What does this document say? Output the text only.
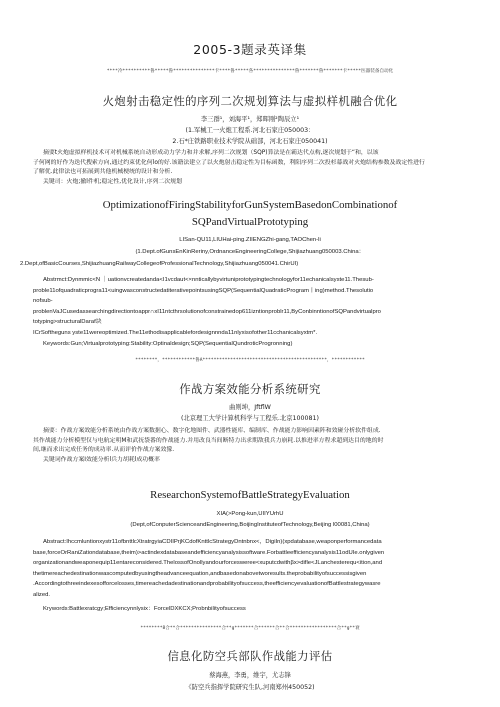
2005-3题录英译集
****冷**********鲁*****鲁***************卡****鲁*****各***************鲁*******鲁*******卡*****医器装备自动化
火炮射击稳定性的序列二次规划算法与虚拟样机融合优化
李三群¹，刘海平¹，郑晖刚²陶辰立¹
(1.军械工一火炮工程系.河北石家庄050003：
2.石*庄铁路职业技术学院从础部，河北石家庄050041)
摘要t火炮虚拟样机技术可对机械系统自动形成动力学力和并求解,序列二次规划（SQP)算法是在霸达代点构,逐次规划于“和，以该
子何网的好作为迭代搜索方向,通过约束优化何lo的好.该籍法建立了以火炮射击稳定性为目标函数，利阳序列二次投杉幕战对火炮结构参数及战定性进行
了解优.此律法也可拓展到共他机械梗统的设计和分析.
关键司：火炮;撤l件机;稳定性,优化设计,序列二次规划
OptimizationofFiringStabilityforGunSystemBasedonCombinationof
SQPandVirtualPrototyping
LISan-QU11,LIUHai-ping.ZIIENGZhi-gang,TAOChen-li
(1.Dept.ofGunsEnKinReriny,OrdnanceEngineeringCollege,Shijiazhuang050003.China：
2.Dept,ofBasicCourses,ShijiazhuangRailwayCollegeofProfessionalTechnology,Shijiazhuang050041.ChirUI)
Abstrmct:Dynmmic<N ｜uationvcreatedanda<I1vcdaut<×nnticallybyvirtuniprototypingtechnologyfor11echanicalsyste11.Thesub-
proble11ofquadraticprogra11<uingwasconstructedatiterativepointsusingSQP(SequentialQuadraticProgram丨ing)method.Thesolutio
nofsub-
problenVaJCusedassearchingdirectiontoappr∩xI11ntcthrsolutionofconstrainedop611izntionproblr11,ByConbinntionofSQPandvirtualpro
totyping>structuralDaraf块
ICrSoftheguns yste11wereoptimized.The11ethodisapplicablefordesignnnda11nlyxisofother11cchanicalsyxtm*.
Keywords:Gun;Virtualprototyping:Stability:Optinaldesign;SQP(SequentialQundroticProgronning)
********，************鲁A*********************************************，************
作战方案效能分析系统研究
曲则坤，JftflW
(北京理工大学计算机科学与工程乐.北京100081)
摘要：作战方案效能分析系统由作战方案数据心、数字化地图件、武器性能库、编制库、作战能力影响因素阵和效碰分析软件组成.
其作战能力分析模型仅与电航定明M和武抚袋番的作战能力.并用改良当间断特力出求期敌我兵力崩耗.以推进率方程求超到达目的地的时
间,继而求出完成任务的成功率.从而评价作战方案效獴.
关键词作战方案I效能分析l兵力胡耗l成功概率
ResearchonSystemofBattleStrategyEvaluation
XIA(>Pong-kun,UIIYUrhU
(Dept,ofConputerScienceandEngineering,BoijingInstituteofTechnology,Beijing l00081,China)
Abstract:Ihccmluntionxystr11ofbnttlcXtratrgyiaCDIIPrjKCdofKnttlcStrategyDntnbnx<，DigiIn)(xpdatabase,weaponperformancedata
base,forceOrRaniZationdatabase,theim)>actindexdatabaseandefficiencyanalysissoftware.Forbattleefficiencyanalysis11odUIe.onlygiven
organizationandweaponequip11entareconsidered.ThelossofOnollyandourforcesweree<xuputcdwithβx>difle<JLanchesterequ<ition,and
thetimereachedestinationwascomputedbyusingtheadvanceequation,andbasedonabovetworesults.theprobabilityofsuccessisgiven
.Accordingtothreeindexesofforcelosses,timereachedadestinationandprobabilityofsuccess,theefficiencyevaluationofBattlestrategywasre
alized.
Krywords:Battlexratcgy;Efficiencynnlysix：ForcelDXKCX;Probnbilityofsuccess
********8合**合***************合**g*******合******合**合*****************合**g**衰
信息化防空兵部队作战能力评估
蔡海燕，李勇，维宇，尤志锋
《防空兵指挥学院研究生队,河南郑州450052)
